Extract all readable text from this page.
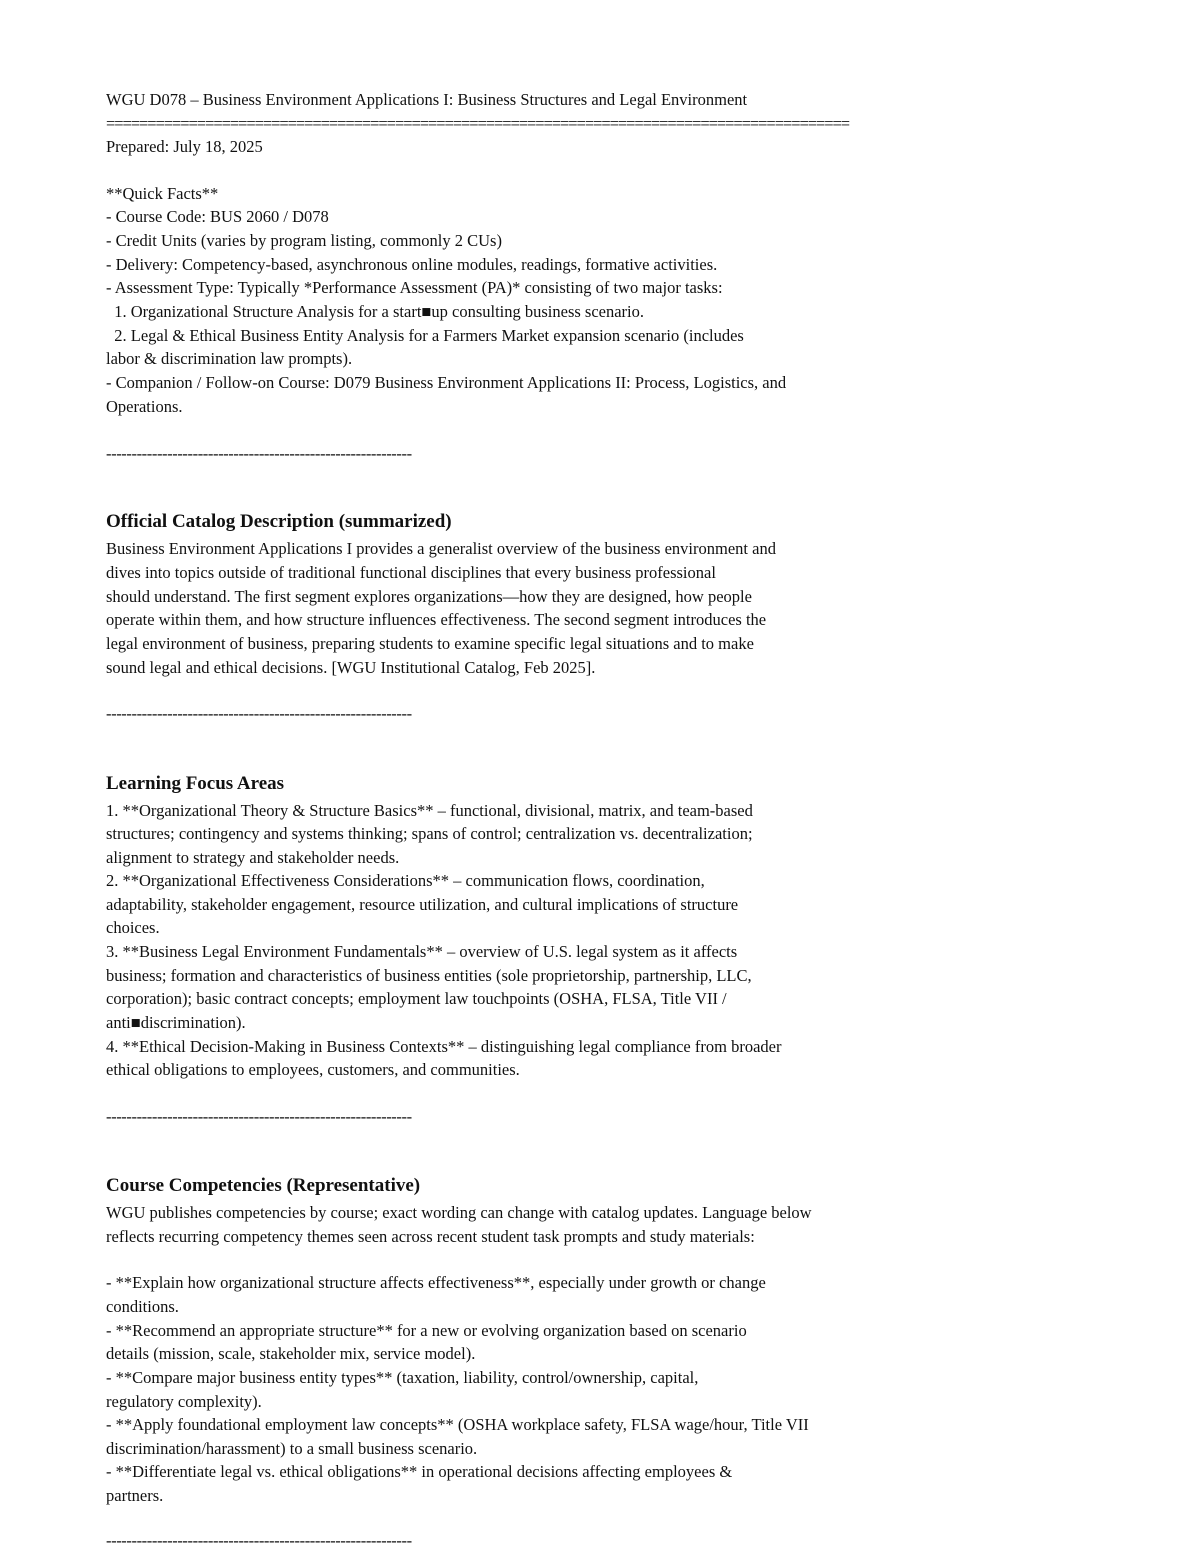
WGU D078 – Business Environment Applications I: Business Structures and Legal Environment
==========================================================================================
Prepared: July 18, 2025
**Quick Facts**
- Course Code: BUS 2060 / D078
- Credit Units (varies by program listing, commonly 2 CUs)
- Delivery: Competency-based, asynchronous online modules, readings, formative activities.
- Assessment Type: Typically *Performance Assessment (PA)* consisting of two major tasks:
1. Organizational Structure Analysis for a start■up consulting business scenario.
2. Legal & Ethical Business Entity Analysis for a Farmers Market expansion scenario (includes
labor & discrimination law prompts).
- Companion / Follow-on Course: D079 Business Environment Applications II: Process, Logistics, and
Operations.
------------------------------------------------------------
Official Catalog Description (summarized)
Business Environment Applications I provides a generalist overview of the business environment and
dives into topics outside of traditional functional disciplines that every business professional
should understand. The first segment explores organizations—how they are designed, how people
operate within them, and how structure influences effectiveness. The second segment introduces the
legal environment of business, preparing students to examine specific legal situations and to make
sound legal and ethical decisions. [WGU Institutional Catalog, Feb 2025].
------------------------------------------------------------
Learning Focus Areas
1. **Organizational Theory & Structure Basics** – functional, divisional, matrix, and team-based
structures; contingency and systems thinking; spans of control; centralization vs. decentralization;
alignment to strategy and stakeholder needs.
2. **Organizational Effectiveness Considerations** – communication flows, coordination,
adaptability, stakeholder engagement, resource utilization, and cultural implications of structure
choices.
3. **Business Legal Environment Fundamentals** – overview of U.S. legal system as it affects
business; formation and characteristics of business entities (sole proprietorship, partnership, LLC,
corporation); basic contract concepts; employment law touchpoints (OSHA, FLSA, Title VII /
anti■discrimination).
4. **Ethical Decision-Making in Business Contexts** – distinguishing legal compliance from broader
ethical obligations to employees, customers, and communities.
------------------------------------------------------------
Course Competencies (Representative)
WGU publishes competencies by course; exact wording can change with catalog updates. Language below
reflects recurring competency themes seen across recent student task prompts and study materials:
- **Explain how organizational structure affects effectiveness**, especially under growth or change
conditions.
- **Recommend an appropriate structure** for a new or evolving organization based on scenario
details (mission, scale, stakeholder mix, service model).
- **Compare major business entity types** (taxation, liability, control/ownership, capital,
regulatory complexity).
- **Apply foundational employment law concepts** (OSHA workplace safety, FLSA wage/hour, Title VII
discrimination/harassment) to a small business scenario.
- **Differentiate legal vs. ethical obligations** in operational decisions affecting employees &
partners.
------------------------------------------------------------
